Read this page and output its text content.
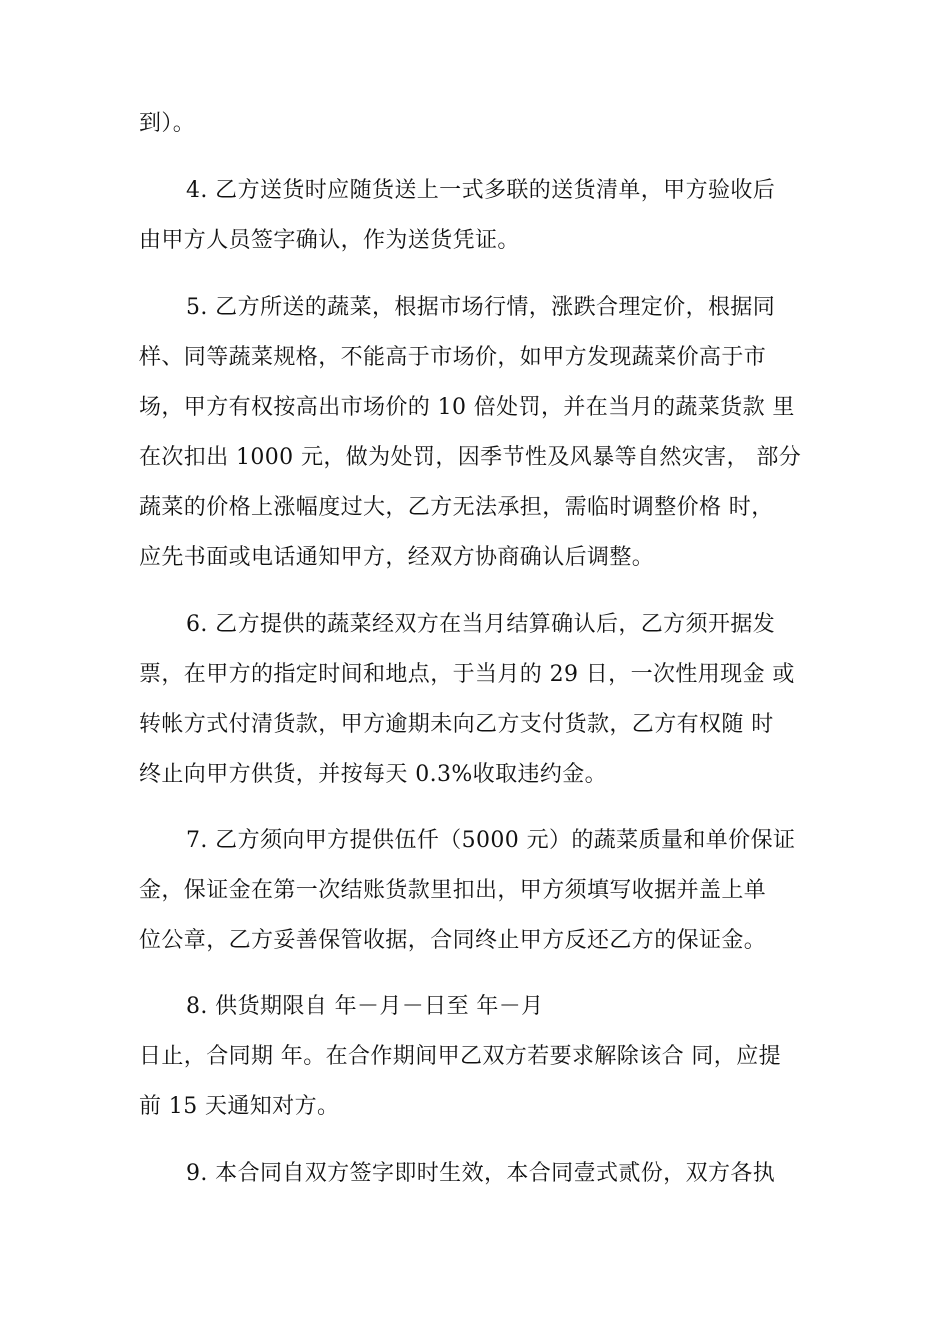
到）。
4. 乙方送货时应随货送上一式多联的送货清单，甲方验收后
由甲方人员签字确认，作为送货凭证。
5. 乙方所送的蔬菜，根据市场行情，涨跌合理定价，根据同
样、同等蔬菜规格，不能高于市场价，如甲方发现蔬菜价高于市
场，甲方有权按高出市场价的 10 倍处罚，并在当月的蔬菜货款 里
在次扣出 1000 元，做为处罚，因季节性及风暴等自然灾害， 部分
蔬菜的价格上涨幅度过大，乙方无法承担，需临时调整价格 时，
应先书面或电话通知甲方，经双方协商确认后调整。
6. 乙方提供的蔬菜经双方在当月结算确认后，乙方须开据发
票，在甲方的指定时间和地点，于当月的 29 日，一次性用现金 或
转帐方式付清货款，甲方逾期未向乙方支付货款，乙方有权随 时
终止向甲方供货，并按每天 0.3%收取违约金。
7. 乙方须向甲方提供伍仟（5000 元）的蔬菜质量和单价保证
金，保证金在第一次结账货款里扣出，甲方须填写收据并盖上单
位公章，乙方妥善保管收据，合同终止甲方反还乙方的保证金。
8. 供货期限自 年－月－日至 年－月
日止，合同期 年。在合作期间甲乙双方若要求解除该合 同，应提
前 15 天通知对方。
9. 本合同自双方签字即时生效，本合同壹式贰份，双方各执
